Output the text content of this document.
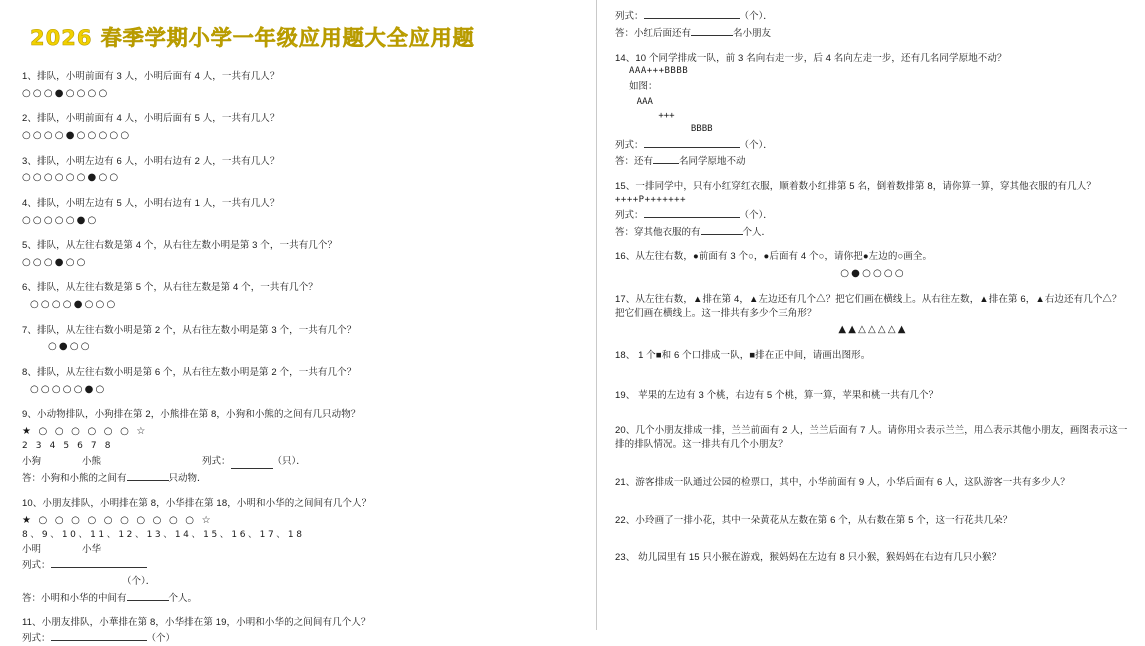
2026 春季学期小学一年级应用题大全应用题
1、排队，小明前面有 3 人，小明后面有 4 人，一共有几人？
○○○●○○○○
2、排队，小明前面有 4 人，小明后面有 5 人，一共有几人？
○○○○●○○○○○
3、排队，小明左边有 6 人，小明右边有 2 人，一共有几人？
○○○○○○●○○
4、排队，小明左边有 5 人，小明右边有 1 人，一共有几人？
○○○○○●○
5、排队，从左往右数是第 4 个，从右往左数小明是第 3 个，一共有几个？
○○○●○○
6、排队，从左往右数是第 5 个，从右往左数是第 4 个，一共有几个？
○○○○●○○○
7、排队，从左往右数小明是第 2 个，从右往左数小明是第 3 个，一共有几个？
○●○○
8、排队，从左往右数小明是第 6 个，从右往左数小明是第 2 个，一共有几个？
○○○○○●○
9、小动物排队，小狗排在第 2，小熊排在第 8，小狗和小熊的之间有几只动物？
★ ○ ○ ○ ○ ○ ○ ☆
2 3 4 5 6 7 8
小狗	小熊	列式：	（只）．
答：小狗和小熊的之间有	只动物．
10、小朋友排队，小明排在第 8，小华排在第 18，小明和小华的之间间有几个人？
★ ○ ○ ○ ○ ○ ○ ○ ○ ○ ○ ☆
8、9、10、11、12、13、14、15、16、17、18
小明	小华
列式：
（个）．
答：小明和小华的中间有	个人。
11、小朋友排队，小華排在第 8，小华排在第 19，小明和小华的之间间有几个人？
列式：	（个）
列式：	（个）．
答：小红后面还有	名小朋友
14、10 个同学排成一队，前 3 名向右走一步，后 4 名向左走一步，还有几名同学原地不动？
AAA+++BBBB
如图：
AAA
+++
BBBB
列式：	（个）．
答：还有	名同学原地不动
15、一排同学中，只有小红穿红衣服，顺着数小红排第 5 名，倒着数排第 8，请你算一算，穿其他衣服的有几人？
++++P+++++++
列式：	（个）．
答：穿其他衣服的有	个人．
16、从左往右数，●前面有 3 个○，●后面有 4 个○，请你把●左边的○画全。
○●○○○○
17、从左往右数，▲排在第 4，▲左边还有几个△？把它们画在横线上。从右往左数，▲排在第 6，▲右边还有几个△？把它们画在横线上。这一排共有多少个三角形？
▲▲△△△△▲
18、 1 个■和 6 个口排成一队，■排在正中间，请画出图形。
19、 苹果的左边有 3 个桃，右边有 5 个桃，算一算，苹果和桃一共有几个？
20、几个小朋友排成一排，兰兰前面有 2 人，兰兰后面有 7 人。请你用☆表示兰兰，用△表示其他小朋友，画图表示这一排的排队情况。这一排共有几个小朋友？
21、游客排成一队通过公园的检票口，其中，小华前面有 9 人，小华后面有 6 人，这队游客一共有多少人？
22、小玲画了一排小花，其中一朵黄花从左数在第 6 个，从右数在第 5 个，这一行花共几朵？
23、 幼儿园里有 15 只小猴在游戏，猴妈妈在左边有 8 只小猴，猴妈妈在右边有几只小猴？
